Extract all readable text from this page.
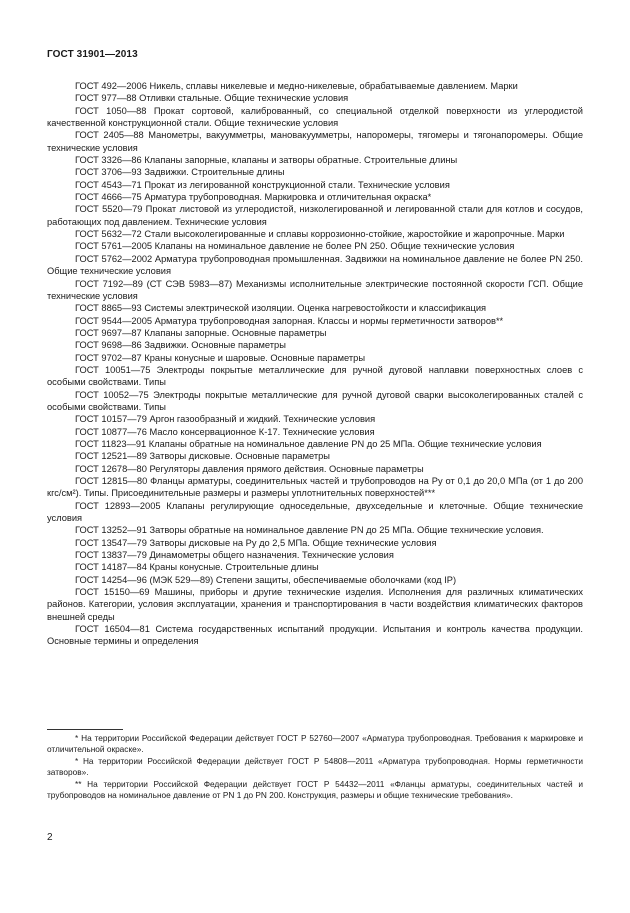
ГОСТ 31901—2013

ГОСТ 492—2006 Никель, сплавы никелевые и медно-никелевые, обрабатываемые давлением. Марки

ГОСТ 977—88 Отливки стальные. Общие технические условия

ГОСТ 1050—88 Прокат сортовой, калиброванный, со специальной отделкой поверхности из углеродистой качественной конструкционной стали. Общие технические условия

ГОСТ 2405—88 Манометры, вакуумметры, мановакуумметры, напоромеры, тягомеры и тягонапоромеры. Общие технические условия

ГОСТ 3326—86 Клапаны запорные, клапаны и затворы обратные. Строительные длины

ГОСТ 3706—93 Задвижки. Строительные длины

ГОСТ 4543—71 Прокат из легированной конструкционной стали. Технические условия

ГОСТ 4666—75 Арматура трубопроводная. Маркировка и отличительная окраска*

ГОСТ 5520—79 Прокат листовой из углеродистой, низколегированной и легированной стали для котлов и сосудов, работающих под давлением. Технические условия

ГОСТ 5632—72 Стали высоколегированные и сплавы коррозионно-стойкие, жаростойкие и жаропрочные. Марки

ГОСТ 5761—2005 Клапаны на номинальное давление не более PN 250. Общие технические условия

ГОСТ 5762—2002 Арматура трубопроводная промышленная. Задвижки на номинальное давление не более PN 250. Общие технические условия

ГОСТ 7192—89 (СТ СЭВ 5983—87) Механизмы исполнительные электрические постоянной скорости ГСП. Общие технические условия

ГОСТ 8865—93 Системы электрической изоляции. Оценка нагревостойкости и классификация

ГОСТ 9544—2005 Арматура трубопроводная запорная. Классы и нормы герметичности затворов**

ГОСТ 9697—87 Клапаны запорные. Основные параметры

ГОСТ 9698—86 Задвижки. Основные параметры

ГОСТ 9702—87 Краны конусные и шаровые. Основные параметры

ГОСТ 10051—75 Электроды покрытые металлические для ручной дуговой наплавки поверхностных слоев с особыми свойствами. Типы

ГОСТ 10052—75 Электроды покрытые металлические для ручной дуговой сварки высоколегированных сталей с особыми свойствами. Типы

ГОСТ 10157—79 Аргон газообразный и жидкий. Технические условия

ГОСТ 10877—76 Масло консервационное К-17. Технические условия

ГОСТ 11823—91 Клапаны обратные на номинальное давление PN до 25 МПа. Общие технические условия

ГОСТ 12521—89 Затворы дисковые. Основные параметры

ГОСТ 12678—80 Регуляторы давления прямого действия. Основные параметры

ГОСТ 12815—80 Фланцы арматуры, соединительных частей и трубопроводов на Pу от 0,1 до 20,0 МПа (от 1 до 200 кгс/см²). Типы. Присоединительные размеры и размеры уплотнительных поверхностей***

ГОСТ 12893—2005 Клапаны регулирующие односедельные, двухседельные и клеточные. Общие технические условия

ГОСТ 13252—91 Затворы обратные на номинальное давление PN до 25 МПа. Общие технические условия.

ГОСТ 13547—79 Затворы дисковые на Pу до 2,5 МПа. Общие технические условия

ГОСТ 13837—79 Динамометры общего назначения. Технические условия

ГОСТ 14187—84 Краны конусные. Строительные длины

ГОСТ 14254—96 (МЭК 529—89) Степени защиты, обеспечиваемые оболочками (код IP)

ГОСТ 15150—69 Машины, приборы и другие технические изделия. Исполнения для различных климатических районов. Категории, условия эксплуатации, хранения и транспортирования в части воздействия климатических факторов внешней среды

ГОСТ 16504—81 Система государственных испытаний продукции. Испытания и контроль качества продукции. Основные термины и определения

* На территории Российской Федерации действует ГОСТ Р 52760—2007 «Арматура трубопроводная. Требования к маркировке и отличительной окраске».

* На территории Российской Федерации действует ГОСТ Р 54808—2011 «Арматура трубопроводная. Нормы герметичности затворов».

** На территории Российской Федерации действует ГОСТ Р 54432—2011 «Фланцы арматуры, соединительных частей и трубопроводов на номинальное давление от PN 1 до PN 200. Конструкция, размеры и общие технические требования».

2
